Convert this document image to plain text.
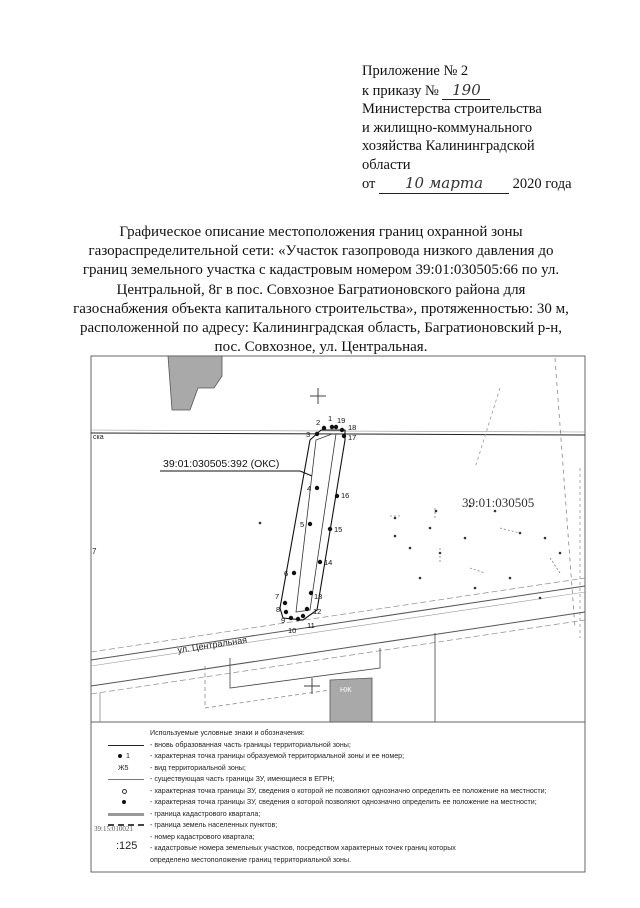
Приложение № 2
к приказу № 190
Министерства строительства
и жилищно-коммунального
хозяйства Калининградской
области
от 10 марта 2020 года
Графическое описание местоположения границ охранной зоны
газораспределительной сети: «Участок газопровода низкого давления до
границ земельного участка с кадастровым номером 39:01:030505:66 по ул.
Центральной, 8г в пос. Совхозное Багратионовского района для
газоснабжения объекта капитального строительства», протяженностью: 30 м,
расположенной по адресу: Калининградская область, Багратионовский р-н,
пос. Совхозное, ул. Центральная.
ул. Центральная
НЖ
39:01:030505:392 (ОКС)
39:01:030505
ска
7
1
2
3
4
5
6
7
8
9
10
11
12
13
14
15
16
17
18
19
Используемые условные знаки и обозначения:
- вновь образованная часть границы территориальной зоны;
1	- характерная точка границы образуемой территориальной зоны и ее номер;
Ж5	- вид территориальной зоны;
- существующая часть границы ЗУ, имеющиеся в ЕГРН;
- характерная точка границы ЗУ, сведения о которой не позволяют однозначно определить ее положение на местности;
- характерная точка границы ЗУ, сведения о которой позволяют однозначно определить ее положение на местности;
- граница кадастрового квартала;
- граница земель населенных пунктов;
- номер кадастрового квартала;
:125 - кадастровые номера земельных участков, посредством характерных точек границ которых
определено местоположение границ территориальной зоны.
39:15:010021
